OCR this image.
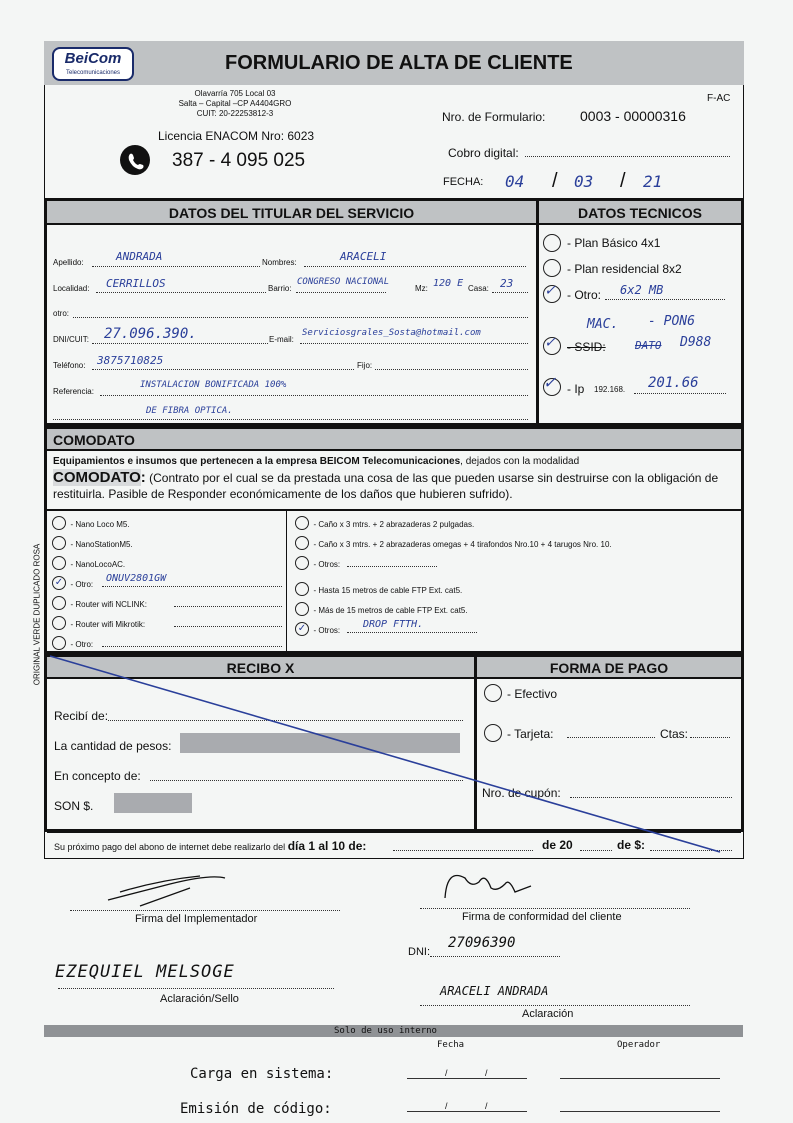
BeiCom
Telecomunicaciones	FORMULARIO DE ALTA DE CLIENTE
Olavarría 705 Local 03
Salta – Capital –CP A4404GRO
CUIT: 20-22253812-3
Licencia ENACOM Nro: 6023
387 - 4 095 025
F-AC
Nro. de Formulario: 0003 - 00000316
Cobro digital:
FECHA: 04 / 03 / 21
DATOS DEL TITULAR DEL SERVICIO	DATOS TECNICOS
Apellido:	ANDRADA	Nombres:	ARACELI
Localidad: CERRILLOS	Barrio:
CONGRESO NACIONAL
Mz: 120 E Casa: 23
otro:
DNI/CUIT: 27.096.390.	E-mail:
Serviciosgrales_Sosta@hotmail.com
Teléfono: 3875710825	Fijo:
Referencia:
INSTALACION BONIFICADA 100%
DE FIBRA OPTICA.
- Plan Básico 4x1
- Plan residencial 8x2
✓ - Otro: 6x2 MB
MAC. - PON6
✓ - SSID:	DATO D988
✓ - Ip 192.168. 201.66
COMODATO
Equipamientos e insumos que pertenecen a la empresa BEICOM Telecomunicaciones, dejados con la modalidad
COMODATO: (Contrato por el cual se da prestada una cosa de las que pueden usarse sin destruirse con la obligación de restituirla. Pasible de Responder económicamente de los daños que hubieren sufrido).
- Nano Loco M5.
- NanoStationM5.
- NanoLocoAC.
✓ - Otro:
ONUV2801GW
- Router wifi NCLINK:
- Router wifi Mikrotik:
- Otro:
- Caño x 3 mtrs. + 2 abrazaderas 2 pulgadas.
- Caño x 3 mtrs. + 2 abrazaderas omegas + 4 tirafondos Nro.10 + 4 tarugos Nro. 10.
- Otros:
- Hasta 15 metros de cable FTP Ext. cat5.
- Más de 15 metros de cable FTP Ext. cat5.
✓ - Otros:
DROP FTTH.
RECIBO X	FORMA DE PAGO
Recibí de:
La cantidad de pesos:
En concepto de:
SON $.
- Efectivo
- Tarjeta:	Ctas:
Nro. de cupón:
Su próximo pago del abono de internet debe realizarlo del día 1 al 10 de:	de 20	de $:
Firma del Implementador	Firma de conformidad del cliente
DNI:
27096390
EZEQUIEL MELSOGE
Aclaración/Sello
ARACELI ANDRADA
Aclaración
Solo de uso interno
Fecha	Operador
Carga en sistema:	/	/
Emisión de código:	/	/
ORIGINAL VERDE DUPLICADO ROSA
